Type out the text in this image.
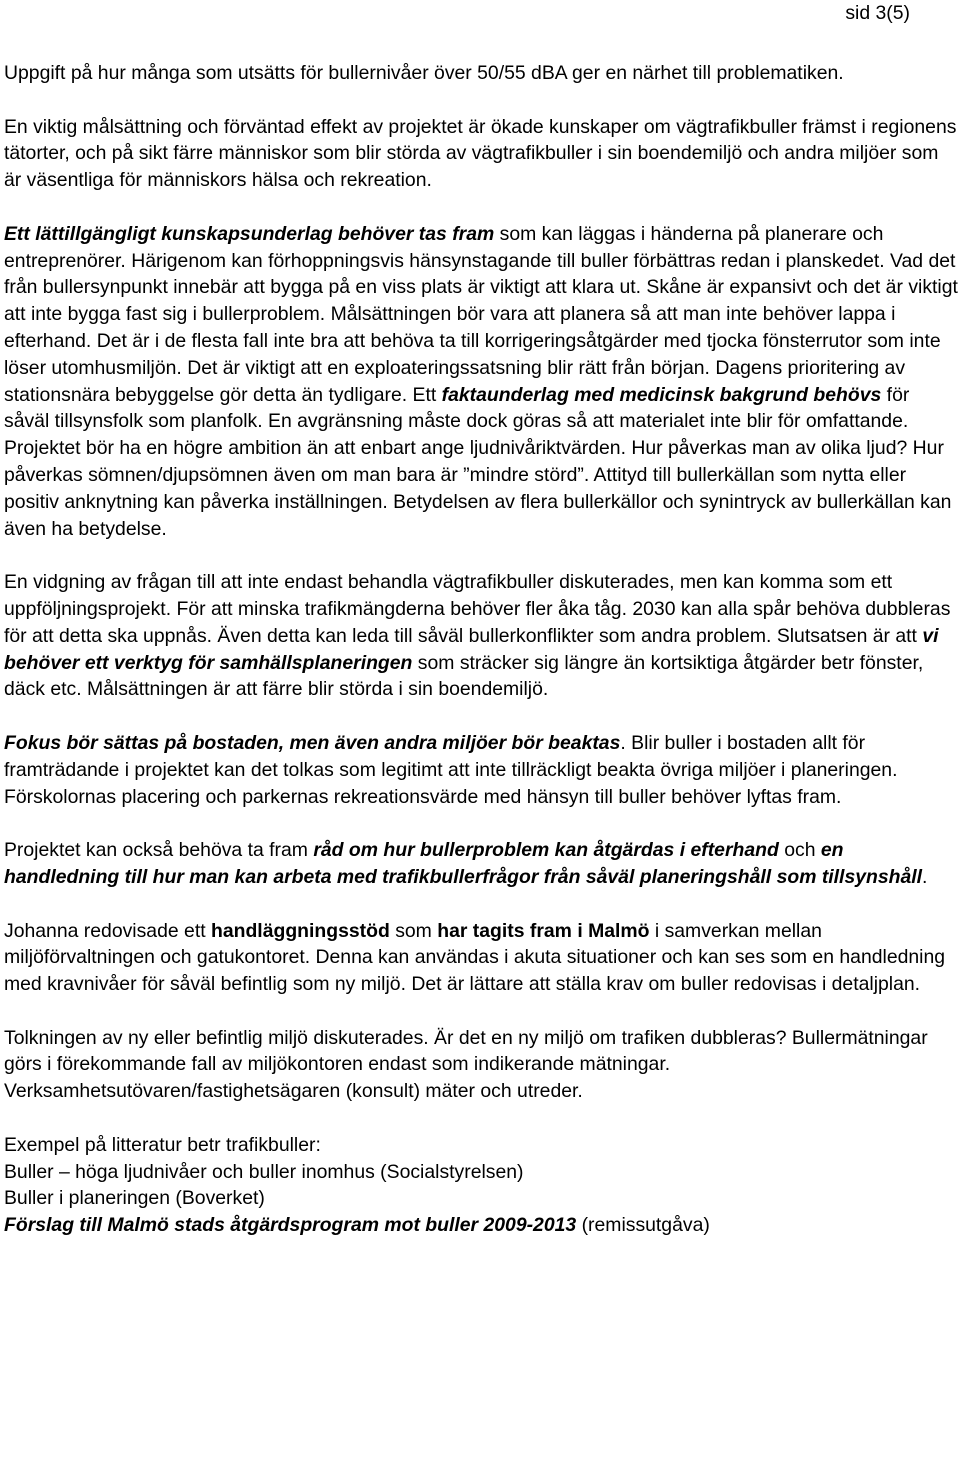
sid 3(5)

Uppgift på hur många som utsätts för bullernivåer över 50/55 dBA ger en närhet till problematiken.

En viktig målsättning och förväntad effekt av projektet är ökade kunskaper om vägtrafikbuller främst i regionens tätorter, och på sikt färre människor som blir störda av vägtrafikbuller i sin boendemiljö och andra miljöer som är väsentliga för människors hälsa och rekreation.

Ett lättillgängligt kunskapsunderlag behöver tas fram som kan läggas i händerna på planerare och entreprenörer. Härigenom kan förhoppningsvis hänsynstagande till buller förbättras redan i planskedet. Vad det från bullersynpunkt innebär att bygga på en viss plats är viktigt att klara ut. Skåne är expansivt och det är viktigt att inte bygga fast sig i bullerproblem. Målsättningen bör vara att planera så att man inte behöver lappa i efterhand. Det är i de flesta fall inte bra att behöva ta till korrigeringsåtgärder med tjocka fönsterrutor som inte löser utomhusmiljön. Det är viktigt att en exploateringssatsning blir rätt från början. Dagens prioritering av stationsnära bebyggelse gör detta än tydligare. Ett faktaunderlag med medicinsk bakgrund behövs för såväl tillsynsfolk som planfolk. En avgränsning måste dock göras så att materialet inte blir för omfattande. Projektet bör ha en högre ambition än att enbart ange ljudnivåriktvärden. Hur påverkas man av olika ljud? Hur påverkas sömnen/djupsömnen även om man bara är ”mindre störd”. Attityd till bullerkällan som nytta eller positiv anknytning kan påverka inställningen. Betydelsen av flera bullerkällor och synintryck av bullerkällan kan även ha betydelse.

En vidgning av frågan till att inte endast behandla vägtrafikbuller diskuterades, men kan komma som ett uppföljningsprojekt. För att minska trafikmängderna behöver fler åka tåg. 2030 kan alla spår behöva dubbleras för att detta ska uppnås. Även detta kan leda till såväl bullerkonflikter som andra problem. Slutsatsen är att vi behöver ett verktyg för samhällsplaneringen som sträcker sig längre än kortsiktiga åtgärder betr fönster, däck etc. Målsättningen är att färre blir störda i sin boendemiljö.

Fokus bör sättas på bostaden, men även andra miljöer bör beaktas. Blir buller i bostaden allt för framträdande i projektet kan det tolkas som legitimt att inte tillräckligt beakta övriga miljöer i planeringen. Förskolornas placering och parkernas rekreationsvärde med hänsyn till buller behöver lyftas fram.

Projektet kan också behöva ta fram råd om hur bullerproblem kan åtgärdas i efterhand och en handledning till hur man kan arbeta med trafikbullerfrågor från såväl planeringshåll som tillsynshåll.

Johanna redovisade ett handläggningsstöd som har tagits fram i Malmö i samverkan mellan miljöförvaltningen och gatukontoret. Denna kan användas i akuta situationer och kan ses som en handledning med kravnivåer för såväl befintlig som ny miljö. Det är lättare att ställa krav om buller redovisas i detaljplan.

Tolkningen av ny eller befintlig miljö diskuterades. Är det en ny miljö om trafiken dubbleras? Bullermätningar görs i förekommande fall av miljökontoren endast som indikerande mätningar. Verksamhetsutövaren/fastighetsägaren (konsult) mäter och utreder.

Exempel på litteratur betr trafikbuller:
Buller – höga ljudnivåer och buller inomhus (Socialstyrelsen)
Buller i planeringen (Boverket)
Förslag till Malmö stads åtgärdsprogram mot buller 2009-2013 (remissutgåva)
